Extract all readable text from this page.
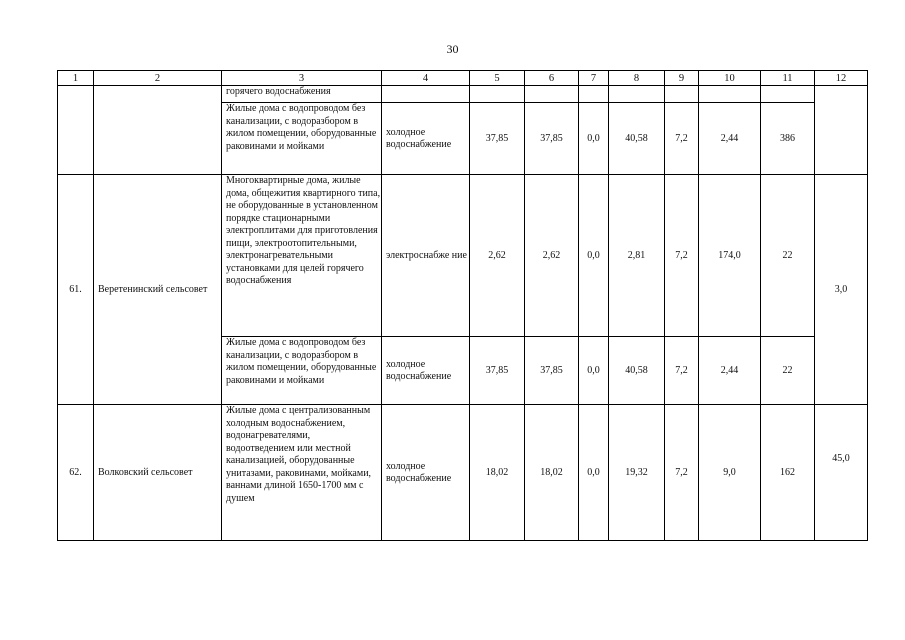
30
1	2	3	4	5	6	7	8	9	10	11	12
		горячего водоснабжения									
		Жилые дома с водопроводом без канализации, с водоразбором в жилом помещении, оборудованные раковинами и мойками	холодное водоснабжение	37,85	37,85	0,0	40,58	7,2	2,44	386	
61.	Веретенинский сельсовет	Многоквартирные дома, жилые дома, общежития квартирного типа, не оборудованные в установленном порядке стационарными электроплитами для приготовления пищи, электроотопительными, электронагревательными установками для целей горячего водоснабжения	электроснабже ние	2,62	2,62	0,0	2,81	7,2	174,0	22	3,0
		Жилые дома с водопроводом без канализации, с водоразбором в жилом помещении, оборудованные раковинами и мойками	холодное водоснабжение	37,85	37,85	0,0	40,58	7,2	2,44	22	
62.	Волковский сельсовет	Жилые дома с централизованным холодным водоснабжением, водонагревателями, водоотведением или местной канализацией, оборудованные унитазами, раковинами, мойками, ваннами длиной 1650-1700 мм с душем	холодное водоснабжение	18,02	18,02	0,0	19,32	7,2	9,0	162	45,0
